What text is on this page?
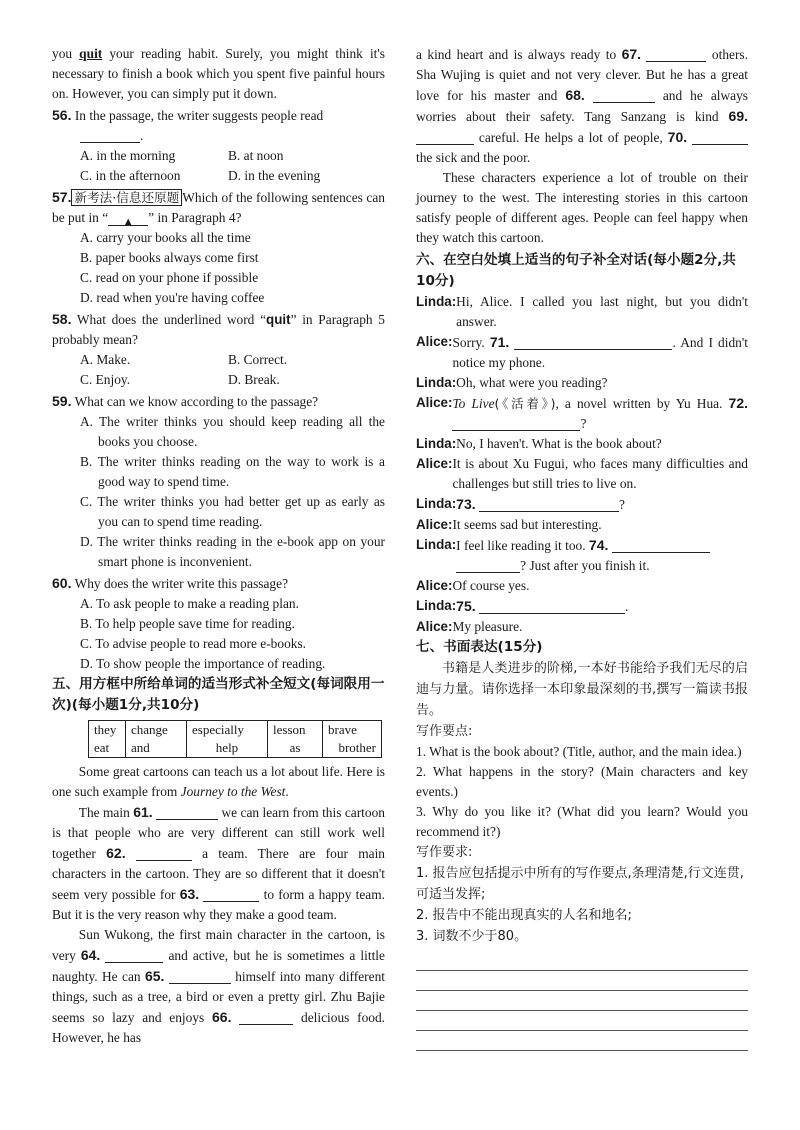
you quit your reading habit. Surely, you might think it's necessary to finish a book which you spent five painful hours on. However, you can simply put it down.

56. In the passage, the writer suggests people read

.

A. in the morning	B. at noon
C. in the afternoon	D. in the evening

57. 新考法·信息还原题 Which of the following sentences can be put in “ ▲ ” in Paragraph 4?

A. carry your books all the time

B. paper books always come first

C. read on your phone if possible

D. read when you're having coffee

58. What does the underlined word “quit” in Paragraph 5 probably mean?

A. Make.	B. Correct.
C. Enjoy.	D. Break.

59. What can we know according to the passage?

A. The writer thinks you should keep reading all the books you choose.

B. The writer thinks reading on the way to work is a good way to spend time.

C. The writer thinks you had better get up as early as you can to spend time reading.

D. The writer thinks reading in the e-book app on your smart phone is inconvenient.

60. Why does the writer write this passage?

A. To ask people to make a reading plan.

B. To help people save time for reading.

C. To advise people to read more e-books.

D. To show people the importance of reading.

五、用方框中所给单词的适当形式补全短文(每词限用一次)(每小题1分,共10分)

they	change	especially	lesson	brave
eat	and	help	as	brother

Some great cartoons can teach us a lot about life. Here is one such example from Journey to the West.

The main 61.	we can learn from this cartoon is that people who are very different can still work well together 62.	a team. There are four main characters in the cartoon. They are so different that it doesn't seem very possible for 63.	to form a happy team. But it is the very reason why they make a good team.

Sun Wukong, the first main character in the cartoon, is very 64.	and active, but he is sometimes a little naughty. He can 65.	himself into many different things, such as a tree, a bird or even a pretty girl. Zhu Bajie seems so lazy and enjoys 66.	delicious food. However, he has

a kind heart and is always ready to 67.	others. Sha Wujing is quiet and not very clever. But he has a great love for his master and 68.	and he always worries about their safety. Tang Sanzang is kind 69.  careful. He helps a lot of people, 70.  the sick and the poor.

These characters experience a lot of trouble on their journey to the west. The interesting stories in this cartoon satisfy people of different ages. People can feel happy when they watch this cartoon.

六、在空白处填上适当的句子补全对话(每小题2分,共10分)

Linda: Hi, Alice. I called you last night, but you didn't answer.
Alice: Sorry. 71.	. And I didn't notice my phone.
Linda: Oh, what were you reading?
Alice: To Live(《活着》), a novel written by Yu Hua. 72. ?
Linda: No, I haven't. What is the book about?
Alice: It is about Xu Fugui, who faces many difficulties and challenges but still tries to live on.
Linda: 73.	?
Alice: It seems sad but interesting.
Linda: I feel like reading it too. 74.
? Just after you finish it.
Alice: Of course yes.
Linda: 75.	.
Alice: My pleasure.

七、书面表达(15分)

书籍是人类进步的阶梯,一本好书能给予我们无尽的启迪与力量。请你选择一本印象最深刻的书,撰写一篇读书报告。

写作要点:

1. What is the book about? (Title, author, and the main idea.)

2. What happens in the story? (Main characters and key events.)

3. Why do you like it? (What did you learn? Would you recommend it?)

写作要求:

1. 报告应包括提示中所有的写作要点,条理清楚,行文连贯,可适当发挥;

2. 报告中不能出现真实的人名和地名;

3. 词数不少于80。
